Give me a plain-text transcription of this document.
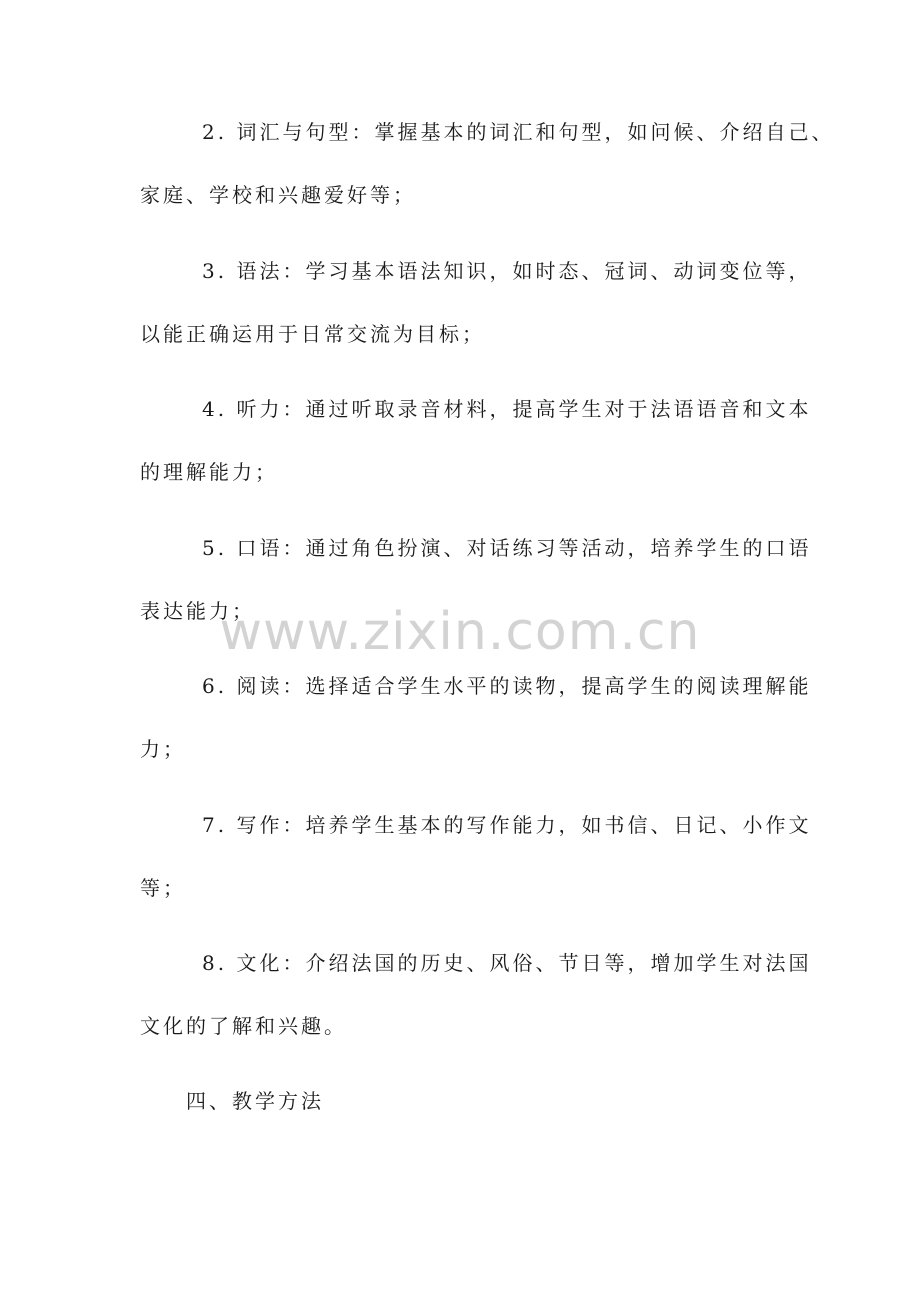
2. 词汇与句型：掌握基本的词汇和句型，如问候、介绍自己、
家庭、学校和兴趣爱好等；
3. 语法：学习基本语法知识，如时态、冠词、动词变位等，
以能正确运用于日常交流为目标；
4. 听力：通过听取录音材料，提高学生对于法语语音和文本
的理解能力；
5. 口语：通过角色扮演、对话练习等活动，培养学生的口语
表达能力；
6. 阅读：选择适合学生水平的读物，提高学生的阅读理解能
力；
7. 写作：培养学生基本的写作能力，如书信、日记、小作文
等；
8. 文化：介绍法国的历史、风俗、节日等，增加学生对法国
文化的了解和兴趣。
四、教学方法
www.zixin.com.cn
